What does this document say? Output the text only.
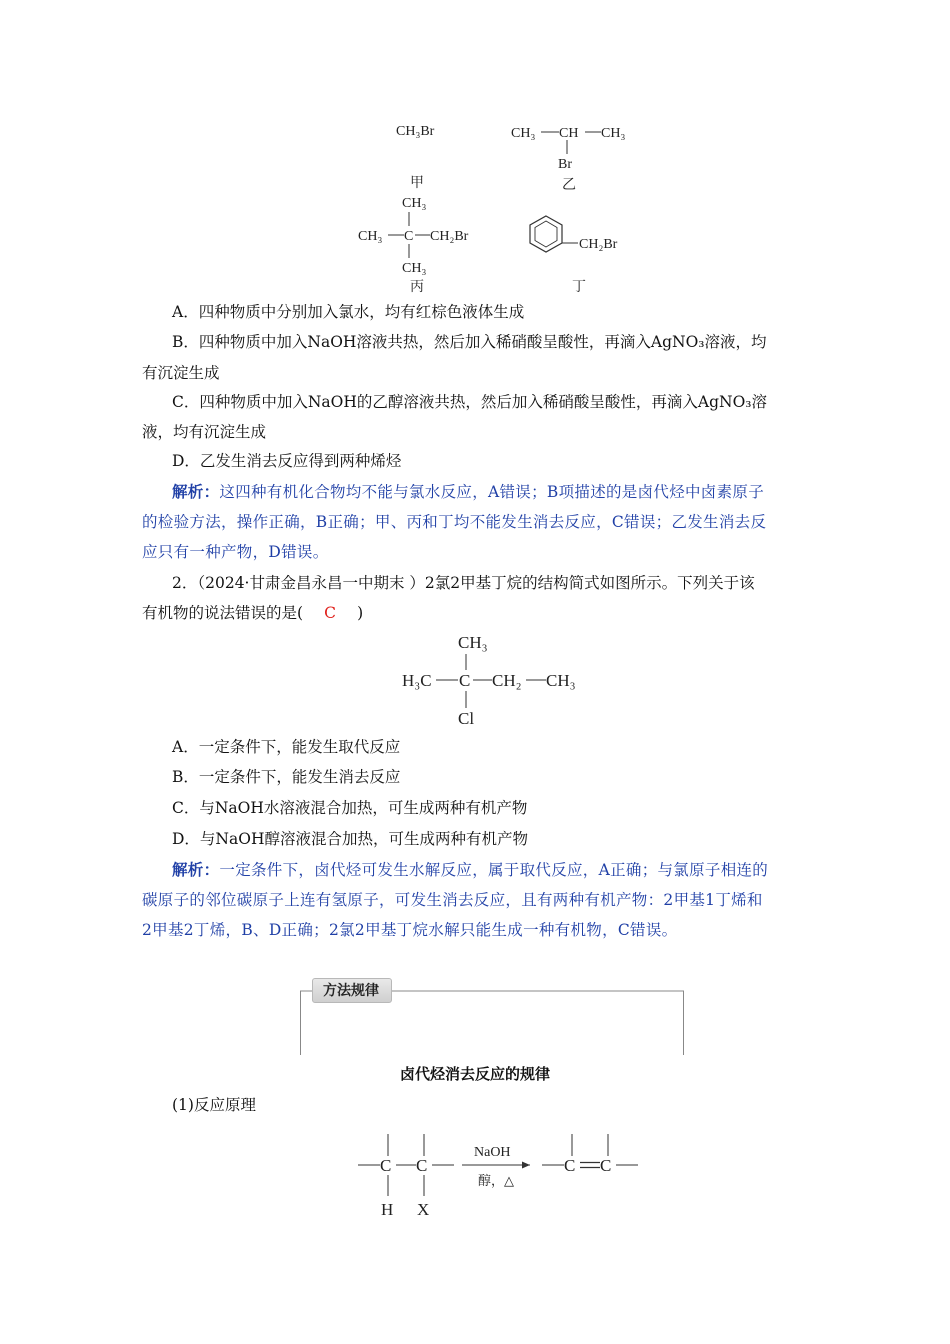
CH₃Br
甲
CH₃ CH CH₃
Br
乙
CH₃
CH₃ C CH₂Br
CH₃
丙
CH₂Br
丁
A．四种物质中分别加入氯水，均有红棕色液体生成
B．四种物质中加入NaOH溶液共热，然后加入稀硝酸呈酸性，再滴入AgNO₃溶液，均
有沉淀生成
C．四种物质中加入NaOH的乙醇溶液共热，然后加入稀硝酸呈酸性，再滴入AgNO₃溶
液，均有沉淀生成
D．乙发生消去反应得到两种烯烃
解析：这四种有机化合物均不能与氯水反应，A错误；B项描述的是卤代烃中卤素原子
的检验方法，操作正确，B正确；甲、丙和丁均不能发生消去反应，C错误；乙发生消去反
应只有一种产物，D错误。
2．（2024·甘肃金昌永昌一中期末 ）2氯2甲基丁烷的结构简式如图所示。下列关于该
有机物的说法错误的是( C )
CH₃
H₃C C CH₂ CH₃
Cl
A．一定条件下，能发生取代反应
B．一定条件下，能发生消去反应
C．与NaOH水溶液混合加热，可生成两种有机产物
D．与NaOH醇溶液混合加热，可生成两种有机产物
解析：一定条件下，卤代烃可发生水解反应，属于取代反应，A正确；与氯原子相连的
碳原子的邻位碳原子上连有氢原子，可发生消去反应，且有两种有机产物：2甲基1丁烯和
2甲基2丁烯，B、D正确；2氯2甲基丁烷水解只能生成一种有机物，C错误。
方法规律
卤代烃消去反应的规律
(1)反应原理
C C
H X
NaOH
醇，△
C C
